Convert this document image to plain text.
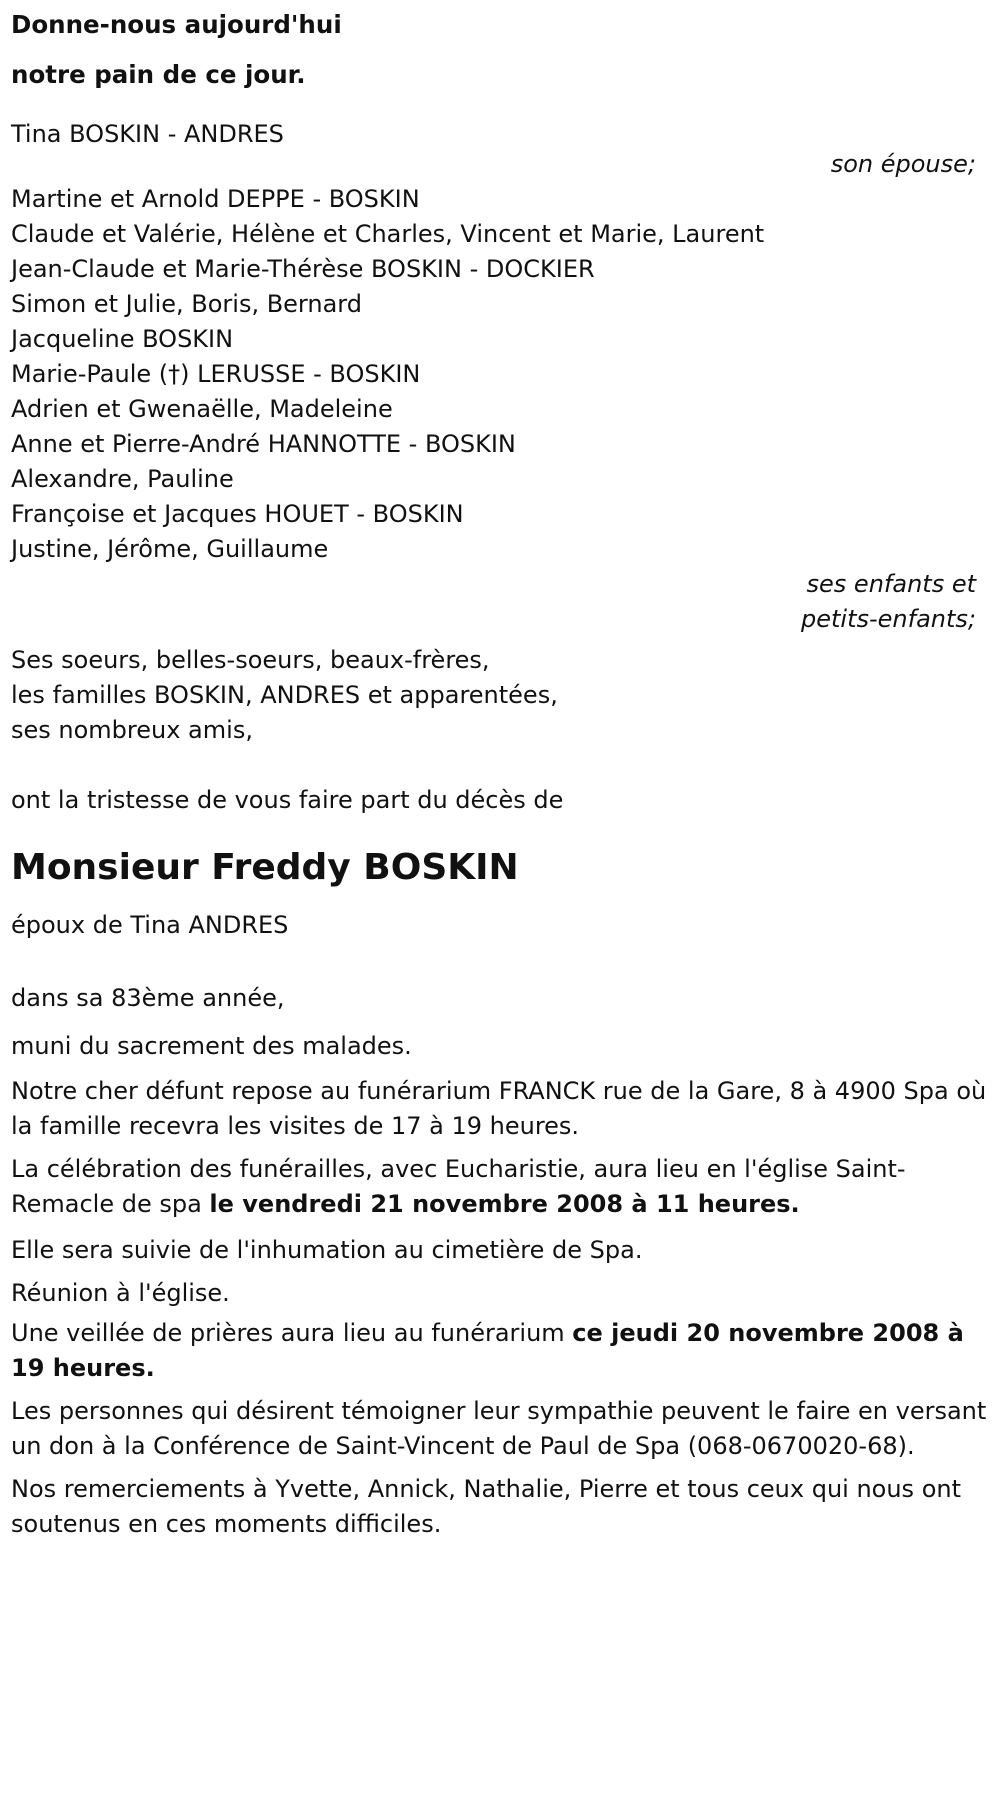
Donne-nous aujourd'hui
notre pain de ce jour.
Tina BOSKIN - ANDRES
son épouse;
Martine et Arnold DEPPE - BOSKIN
Claude et Valérie, Hélène et Charles, Vincent et Marie, Laurent
Jean-Claude et Marie-Thérèse BOSKIN - DOCKIER
Simon et Julie, Boris, Bernard
Jacqueline BOSKIN
Marie-Paule (†) LERUSSE - BOSKIN
Adrien et Gwenaëlle, Madeleine
Anne et Pierre-André HANNOTTE - BOSKIN
Alexandre, Pauline
Françoise et Jacques HOUET - BOSKIN
Justine, Jérôme, Guillaume
ses enfants et
petits-enfants;
Ses soeurs, belles-soeurs, beaux-frères,
les familles BOSKIN, ANDRES et apparentées,
ses nombreux amis,
ont la tristesse de vous faire part du décès de
Monsieur Freddy BOSKIN
époux de Tina ANDRES

dans sa 83ème année,

muni du sacrement des malades.

Notre cher défunt repose au funérarium FRANCK rue de la Gare, 8 à 4900 Spa où la famille recevra les visites de 17 à 19 heures.

La célébration des funérailles, avec Eucharistie, aura lieu en l'église Saint-Remacle de spa le vendredi 21 novembre 2008 à 11 heures.

Elle sera suivie de l'inhumation au cimetière de Spa.

Réunion à l'église.

Une veillée de prières aura lieu au funérarium ce jeudi 20 novembre 2008 à 19 heures.

Les personnes qui désirent témoigner leur sympathie peuvent le faire en versant un don à la Conférence de Saint-Vincent de Paul de Spa (068-0670020-68).

Nos remerciements à Yvette, Annick, Nathalie, Pierre et tous ceux qui nous ont soutenus en ces moments difficiles.
